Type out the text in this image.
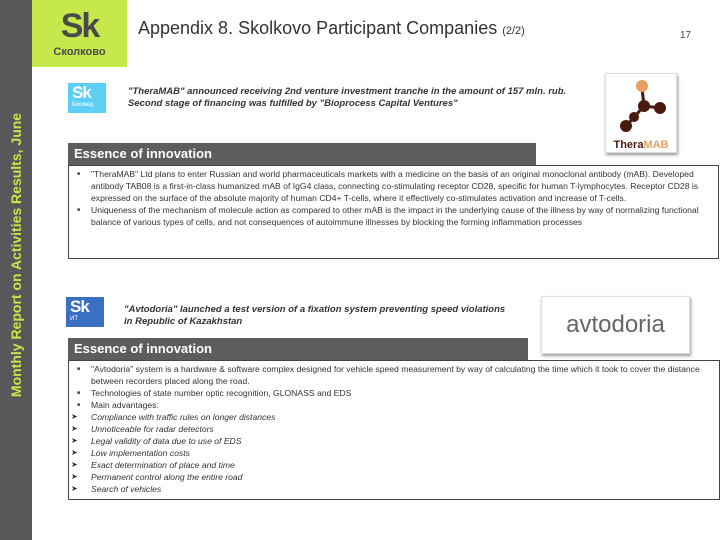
Monthly Report on Activities Results, June
Sk
Сколково
Appendix 8. Skolkovo Participant Companies (2/2)	17
Sk
Биомед
"TheraMAB" announced receiving 2nd venture investment tranche in the amount of 157 mln. rub.
Second stage of financing was fulfilled by "Bioprocess Capital Ventures"
TheraMAB
Essence of innovation
■ "TheraMAB" Ltd plans to enter Russian and world pharmaceuticals markets with a medicine on the basis of an original monoclonal antibody (mAB). Developed antibody TAB08 is a first-in-class humanized mAB of IgG4 class, connecting co-stimulating receptor CD28, specific for human T-lymphocytes. Receptor CD28 is expressed on the surface of the absolute majority of human CD4+ T-cells, where it effectively co-stimulates activation and increase of T-cells.
■ Uniqueness of the mechanism of molecule action as compared to other mAB is the impact in the underlying cause of the illness by way of normalizing functional balance of various types of cells, and not consequences of autoimmune illnesses by blocking the forming inflammation processes
Sk
ИТ
"Avtodoria" launched a test version of a fixation system preventing speed violations
in Republic of Kazakhstan	avtodoria
Essence of innovation
■ "Avtodoria" system is a hardware & software complex designed for vehicle speed measurement by way of calculating the time which it took to cover the distance between recorders placed along the road.
■ Technologies of state number optic recognition, GLONASS and EDS
■ Main advantages:
➤ Compliance with traffic rules on longer distances
➤ Unnoticeable for radar detectors
➤ Legal validity of data due to use of EDS
➤ Low implementation costs
➤ Exact determination of place and time
➤ Permanent control along the entire road
➤ Search of vehicles
